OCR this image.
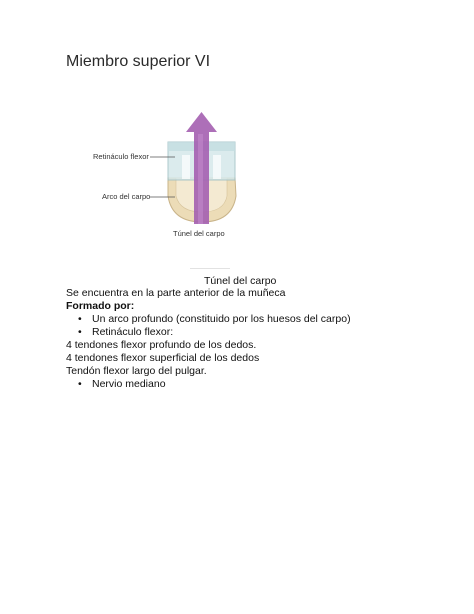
Miembro superior VI
Retináculo flexor
Arco del carpo
Túnel del carpo
Túnel del carpo

Se encuentra en la parte anterior de la muñeca

Formado por:

• Un arco profundo (constituido por los huesos del carpo)

• Retináculo flexor:

4 tendones flexor profundo de los dedos.

4 tendones flexor superficial de los dedos

Tendón flexor largo del pulgar.

• Nervio mediano
